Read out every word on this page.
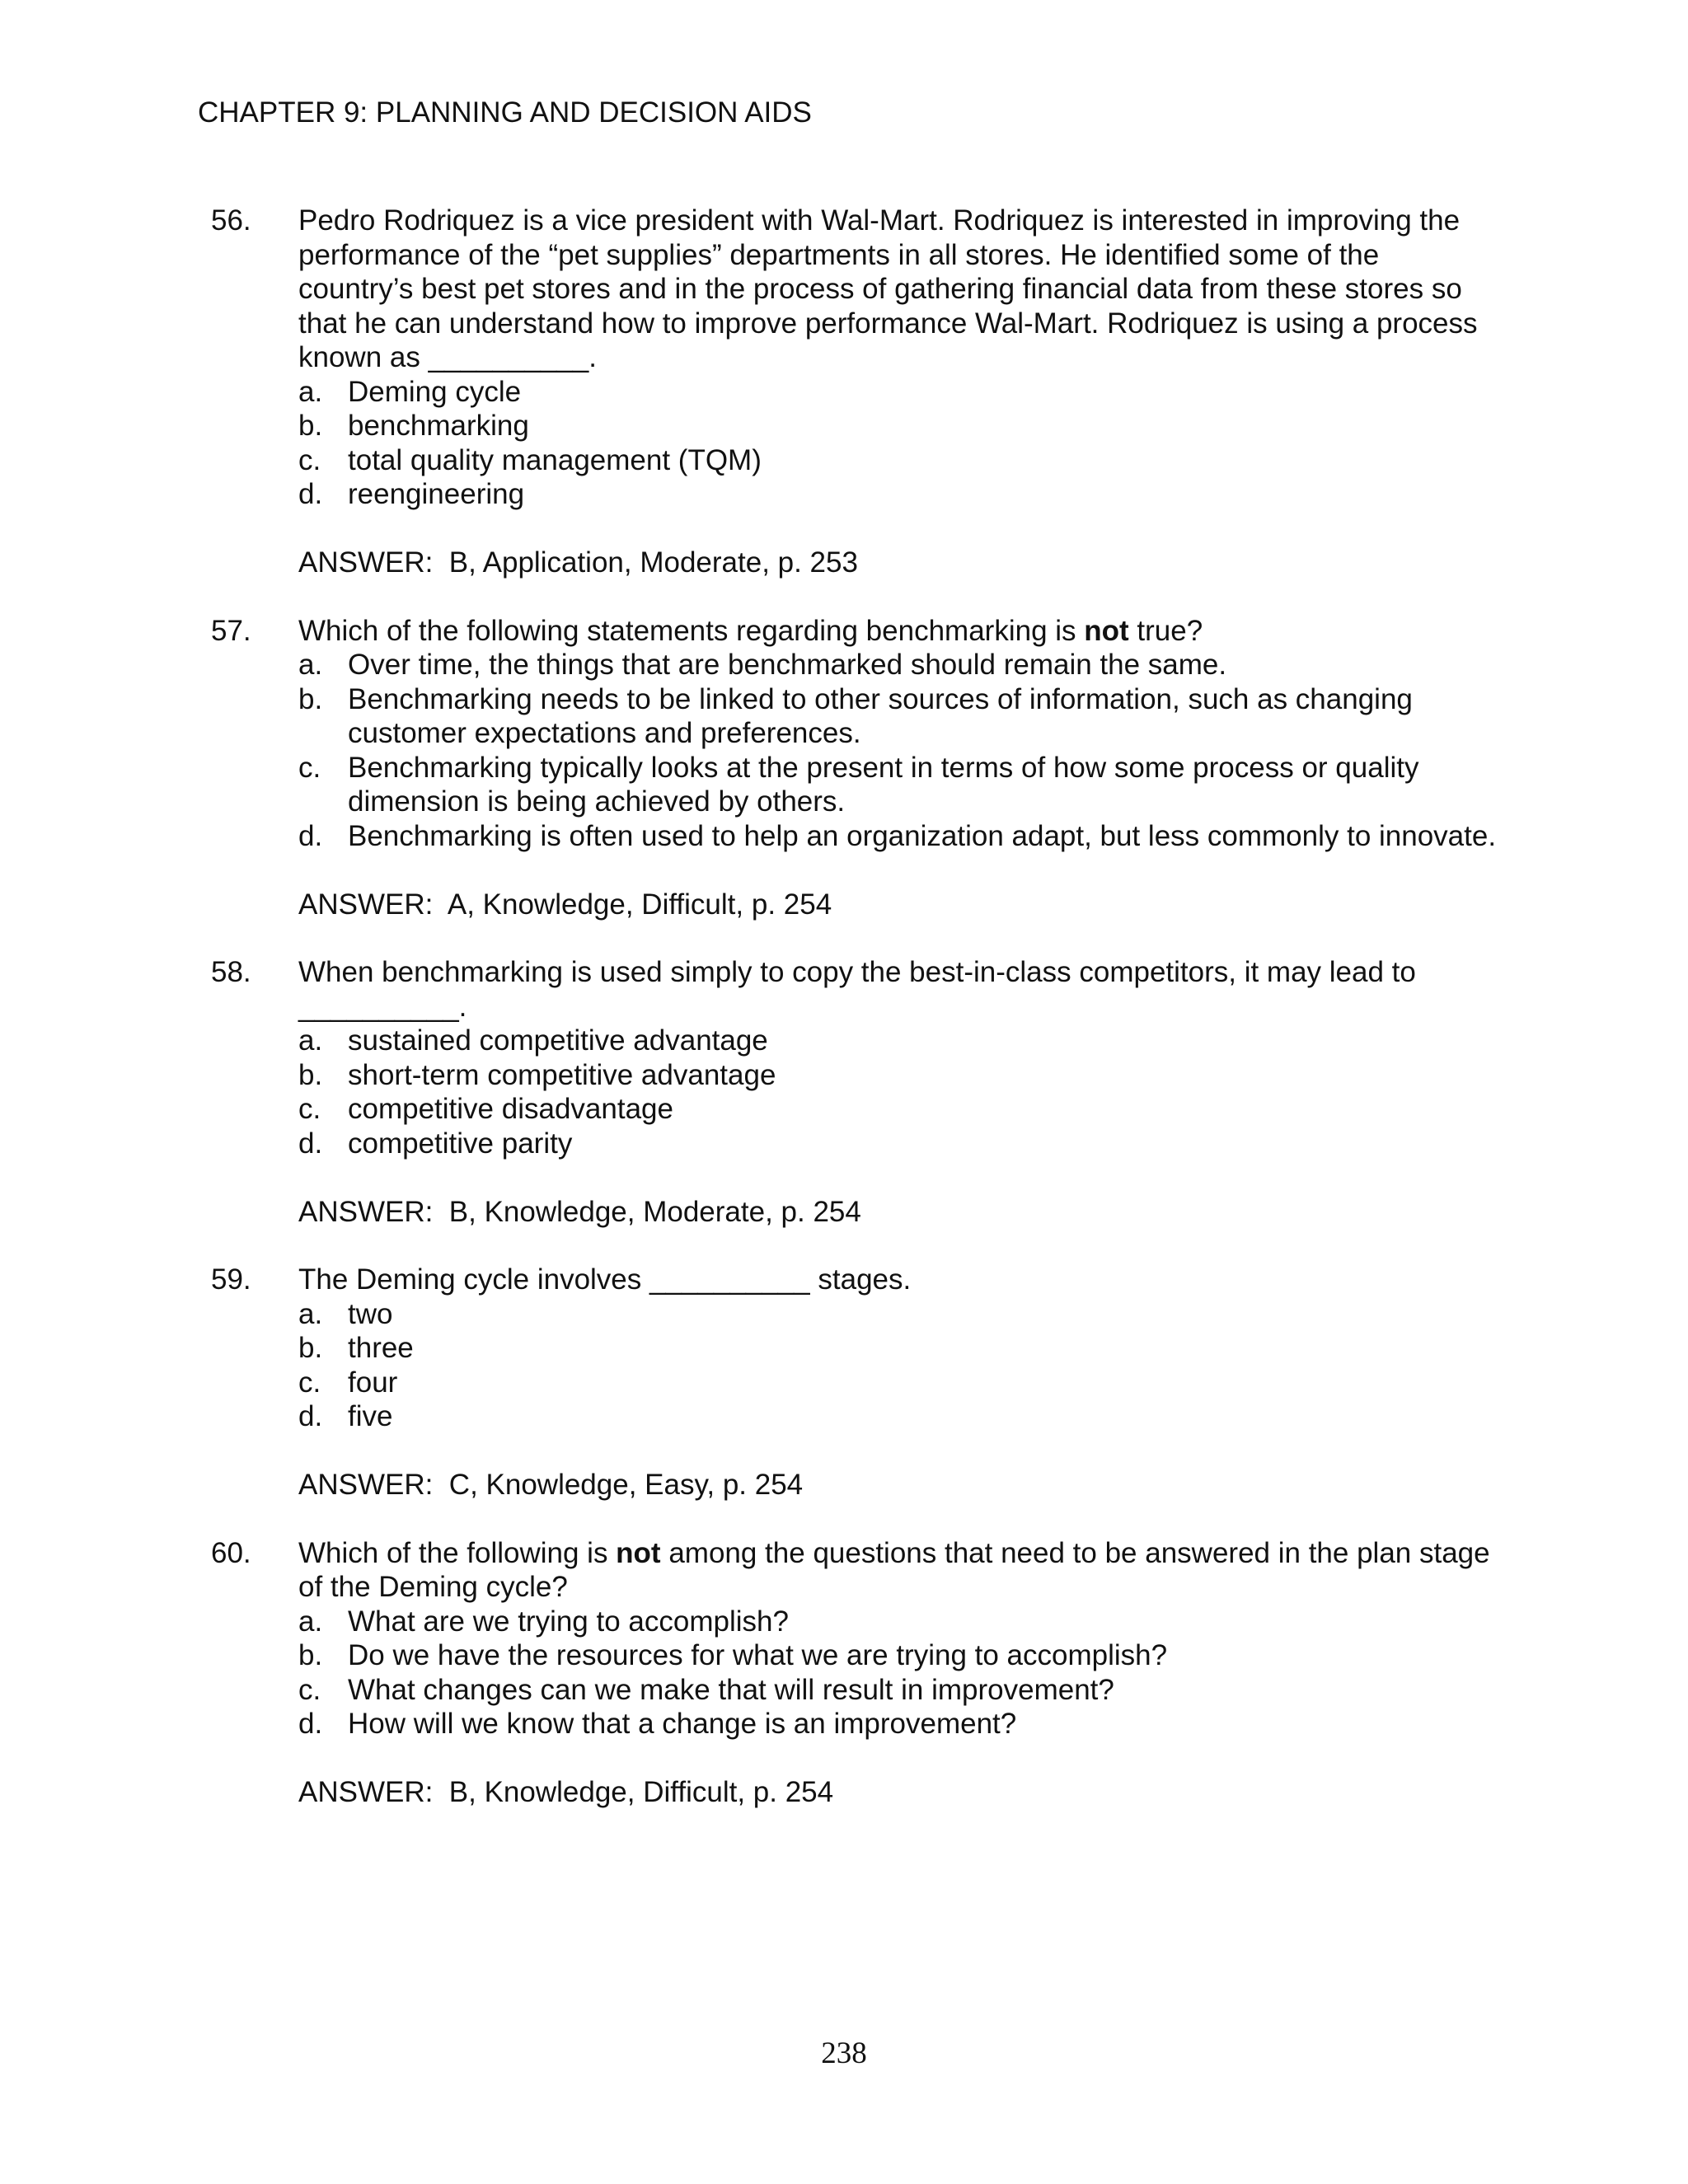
CHAPTER 9: PLANNING AND DECISION AIDS
56. Pedro Rodriquez is a vice president with Wal-Mart. Rodriquez is interested in improving the performance of the “pet supplies” departments in all stores. He identified some of the country’s best pet stores and in the process of gathering financial data from these stores so that he can understand how to improve performance Wal-Mart. Rodriquez is using a process known as __________.
a. Deming cycle
b. benchmarking
c. total quality management (TQM)
d. reengineering
ANSWER:  B, Application, Moderate, p. 253
57. Which of the following statements regarding benchmarking is not true?
a. Over time, the things that are benchmarked should remain the same.
b. Benchmarking needs to be linked to other sources of information, such as changing customer expectations and preferences.
c. Benchmarking typically looks at the present in terms of how some process or quality dimension is being achieved by others.
d. Benchmarking is often used to help an organization adapt, but less commonly to innovate.
ANSWER:  A, Knowledge, Difficult, p. 254
58. When benchmarking is used simply to copy the best-in-class competitors, it may lead to __________.
a. sustained competitive advantage
b. short-term competitive advantage
c. competitive disadvantage
d. competitive parity
ANSWER:  B, Knowledge, Moderate, p. 254
59. The Deming cycle involves __________ stages.
a. two
b. three
c. four
d. five
ANSWER:  C, Knowledge, Easy, p. 254
60. Which of the following is not among the questions that need to be answered in the plan stage of the Deming cycle?
a. What are we trying to accomplish?
b. Do we have the resources for what we are trying to accomplish?
c. What changes can we make that will result in improvement?
d. How will we know that a change is an improvement?
ANSWER:  B, Knowledge, Difficult, p. 254
238
